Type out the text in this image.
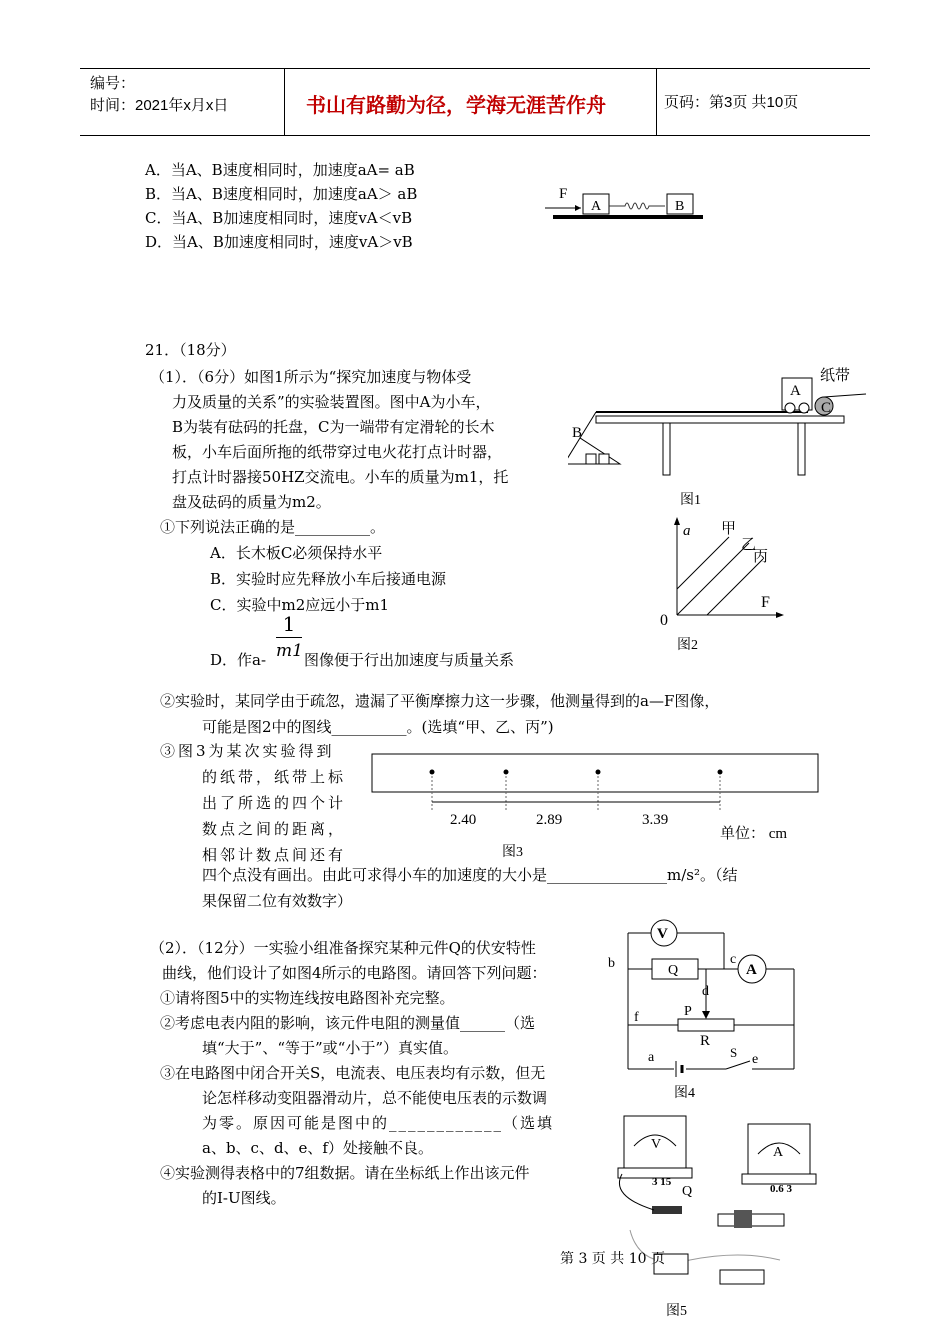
编号：
时间：2021年x月x日	书山有路勤为径，学海无涯苦作舟	页码：第3页 共10页
A．当A、B速度相同时，加速度aA= aB
B．当A、B速度相同时，加速度aA＞ aB
C．当A、B加速度相同时，速度vA＜vB
D．当A、B加速度相同时，速度vA＞vB
F
A	B
21．（18分）
（1）．（6分）如图1所示为“探究加速度与物体受
力及质量的关系”的实验装置图。图中A为小车，
B为装有砝码的托盘，C为一端带有定滑轮的长木
板，小车后面所拖的纸带穿过电火花打点计时器，
打点计时器接50HZ交流电。小车的质量为m1，托
盘及砝码的质量为m2。
A
C
B
纸带
图1
①下列说法正确的是__________。
A．长木板C必须保持水平
B．实验时应先释放小车后接通电源
C．实验中m2应远小于m1
D．作a-
1
m1 图像便于行出加速度与质量关系
a 甲
乙
丙
F
0
图2
②实验时，某同学由于疏忽，遗漏了平衡摩擦力这一步骤，他测量得到的a—F图像，
可能是图2中的图线__________。(选填“甲、乙、丙”)
③图3为某次实验得到
的纸带，纸带上标
出了所选的四个计
数点之间的距离，
相邻计数点间还有
四个点没有画出。由此可求得小车的加速度的大小是________________m/s²。（结
果保留二位有效数字）
2.40	2.89	3.39
单位： cm
图3
（2）．（12分）一实验小组准备探究某种元件Q的伏安特性
曲线，他们设计了如图4所示的电路图。请回答下列问题：
①请将图5中的实物连线按电路图补充完整。
②考虑电表内阻的影响，该元件电阻的测量值______（选
填“大于”、“等于”或“小于”）真实值。
③在电路图中闭合开关S，电流表、电压表均有示数，但无
论怎样移动变阻器滑动片，总不能使电压表的示数调
为零。原因可能是图中的____________（选填
a、b、c、d、e、f）处接触不良。
④实验测得表格中的7组数据。请在坐标纸上作出该元件
的I-U图线。
V
Q	A
R
P
b	c
d
f
a	S e
图4
V
3 15
A
0.6 3
Q
图5
第 3 页 共 10 页
